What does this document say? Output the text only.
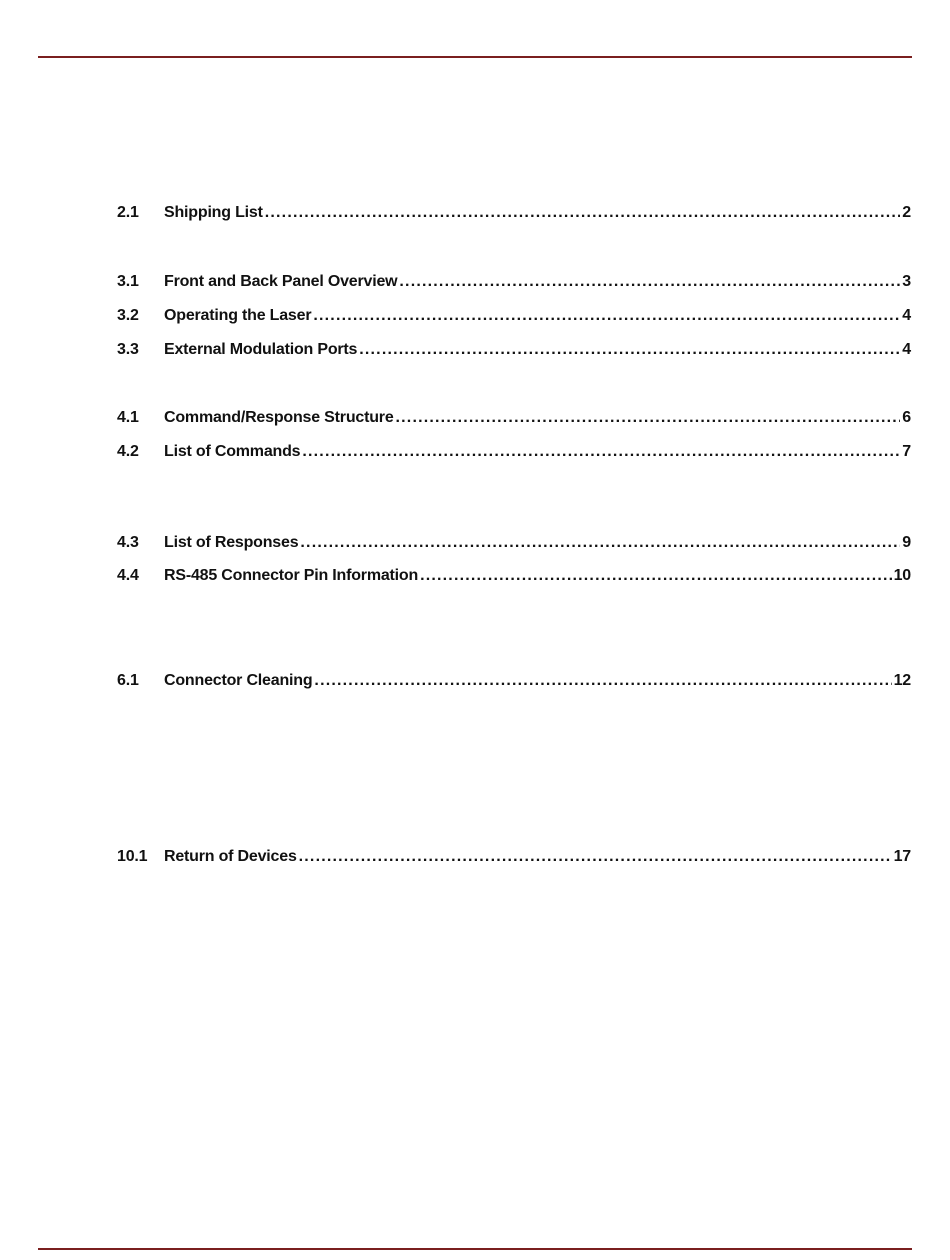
2.1	Shipping List .....	2
3.1	Front and Back Panel Overview .....	3
3.2	Operating the Laser .....	4
3.3	External Modulation Ports .....	4
4.1	Command/Response Structure .....	6
4.2	List of Commands .....	7
4.3	List of Responses .....	9
4.4	RS-485 Connector Pin Information .....	10
6.1	Connector Cleaning .....	12
10.1	Return of Devices .....	17
